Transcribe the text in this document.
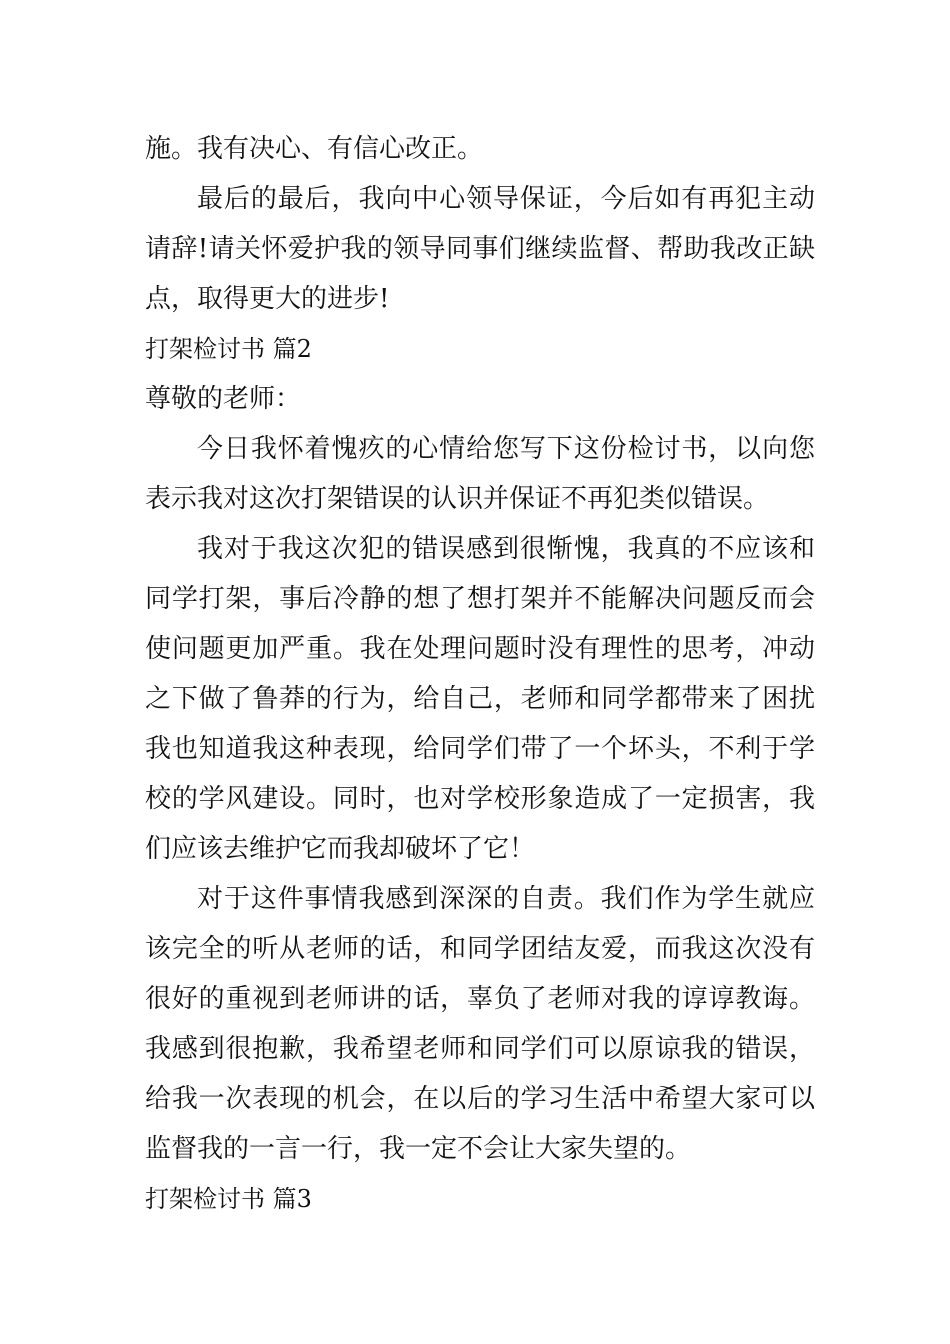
施。我有决心、有信心改正。
最后的最后，我向中心领导保证，今后如有再犯主动
请辞!请关怀爱护我的领导同事们继续监督、帮助我改正缺
点，取得更大的进步!
打架检讨书 篇2
尊敬的老师：
今日我怀着愧疚的心情给您写下这份检讨书，以向您
表示我对这次打架错误的认识并保证不再犯类似错误。
我对于我这次犯的错误感到很惭愧，我真的不应该和
同学打架，事后冷静的想了想打架并不能解决问题反而会
使问题更加严重。我在处理问题时没有理性的思考，冲动
之下做了鲁莽的行为，给自己，老师和同学都带来了困扰
我也知道我这种表现，给同学们带了一个坏头，不利于学
校的学风建设。同时，也对学校形象造成了一定损害，我
们应该去维护它而我却破坏了它！
对于这件事情我感到深深的自责。我们作为学生就应
该完全的听从老师的话，和同学团结友爱，而我这次没有
很好的重视到老师讲的话，辜负了老师对我的谆谆教诲。
我感到很抱歉，我希望老师和同学们可以原谅我的错误，
给我一次表现的机会，在以后的学习生活中希望大家可以
监督我的一言一行，我一定不会让大家失望的。
打架检讨书 篇3
